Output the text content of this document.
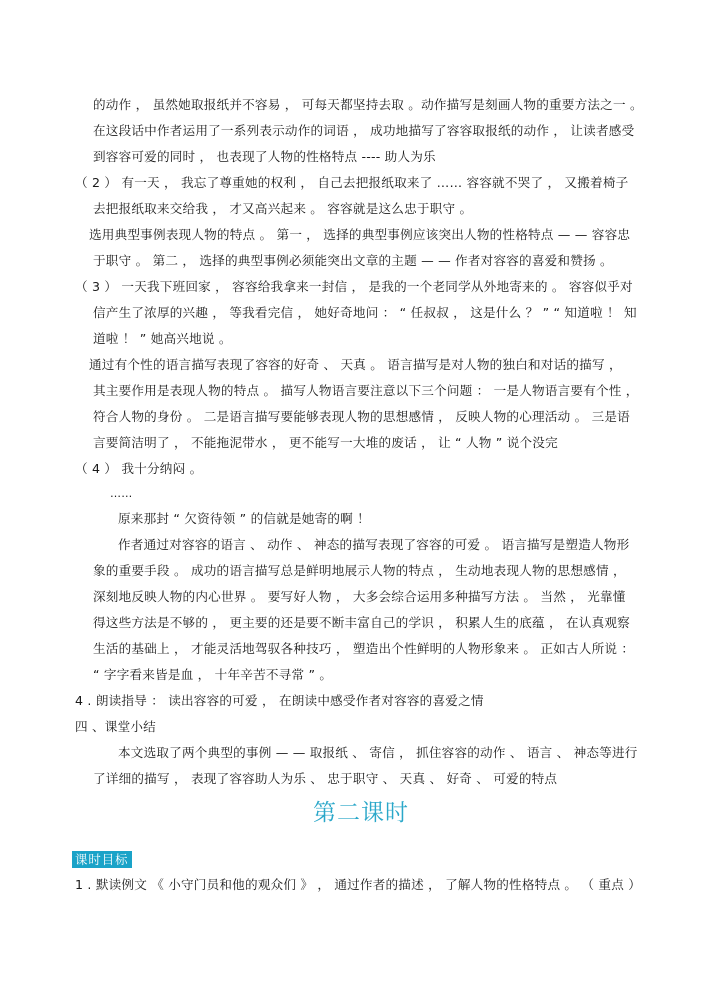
的动作 ， 虽然她取报纸并不容易 ， 可每天都坚持去取 。动作描写是刻画人物的重要方法之一 。
在这段话中作者运用了一系列表示动作的词语 ， 成功地描写了容容取报纸的动作 ， 让读者感受
到容容可爱的同时 ， 也表现了人物的性格特点 ---- 助人为乐
（ 2 ） 有一天 ， 我忘了尊重她的权利 ， 自己去把报纸取来了 …… 容容就不哭了 ， 又搬着椅子
去把报纸取来交给我 ， 才又高兴起来 。 容容就是这么忠于职守 。
选用典型事例表现人物的特点 。 第一 ， 选择的典型事例应该突出人物的性格特点 — — 容容忠
于职守 。 第二 ， 选择的典型事例必须能突出文章的主题 — — 作者对容容的喜爱和赞扬 。
（ 3 ） 一天我下班回家 ， 容容给我拿来一封信 ， 是我的一个老同学从外地寄来的 。 容容似乎对
信产生了浓厚的兴趣 ， 等我看完信 ， 她好奇地问 ： “ 任叔叔 ， 这是什么 ？ ” “ 知道啦 ！ 知
道啦 ！ ” 她高兴地说 。
通过有个性的语言描写表现了容容的好奇 、 天真 。 语言描写是对人物的独白和对话的描写 ，
其主要作用是表现人物的特点 。 描写人物语言要注意以下三个问题 ： 一是人物语言要有个性 ，
符合人物的身份 。 二是语言描写要能够表现人物的思想感情 ， 反映人物的心理活动 。 三是语
言要简洁明了 ， 不能拖泥带水 ， 更不能写一大堆的废话 ， 让 “ 人物 ” 说个没完
（ 4 ） 我十分纳闷 。
……
原来那封 “ 欠资待领 ” 的信就是她寄的啊 ！
作者通过对容容的语言 、 动作 、 神态的描写表现了容容的可爱 。 语言描写是塑造人物形
象的重要手段 。 成功的语言描写总是鲜明地展示人物的特点 ， 生动地表现人物的思想感情 ，
深刻地反映人物的内心世界 。 要写好人物 ， 大多会综合运用多种描写方法 。 当然 ， 光靠懂
得这些方法是不够的 ， 更主要的还是要不断丰富自己的学识 ， 积累人生的底蕴 ， 在认真观察
生活的基础上 ， 才能灵活地驾驭各种技巧 ， 塑造出个性鲜明的人物形象来 。 正如古人所说 ：
“ 字字看来皆是血 ， 十年辛苦不寻常 ” 。
4 . 朗读指导 ： 读出容容的可爱 ， 在朗读中感受作者对容容的喜爱之情
四 、课堂小结
本文选取了两个典型的事例 — — 取报纸 、 寄信 ， 抓住容容的动作 、 语言 、 神态等进行
了详细的描写 ， 表现了容容助人为乐 、 忠于职守 、 天真 、 好奇 、 可爱的特点
第二课时
课时目标
1 . 默读例文 《 小守门员和他的观众们 》 ， 通过作者的描述 ， 了解人物的性格特点 。 （ 重点 ）
